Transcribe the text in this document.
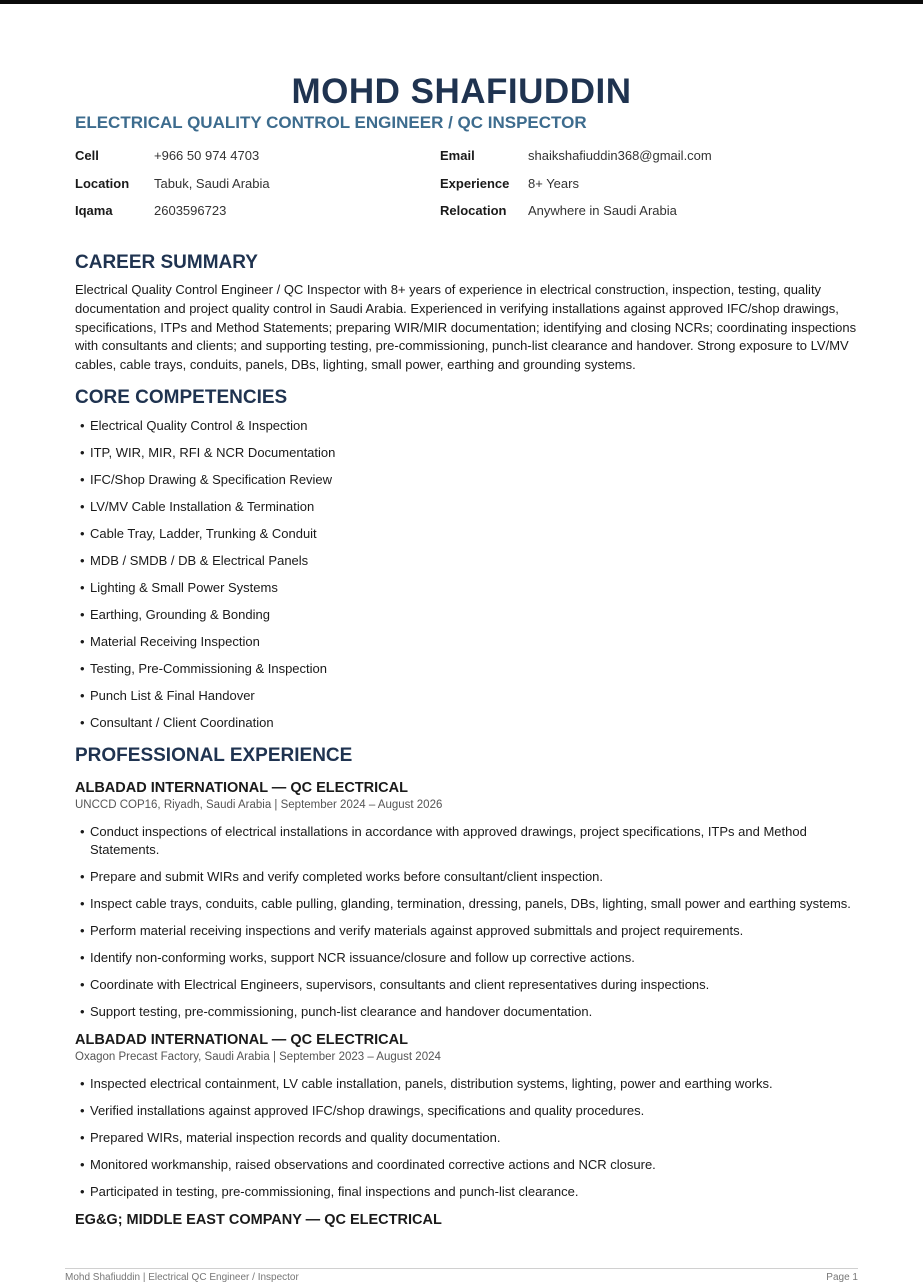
MOHD SHAFIUDDIN
ELECTRICAL QUALITY CONTROL ENGINEER / QC INSPECTOR
Cell	+966 50 974 4703	Email	shaikshafiuddin368@gmail.com
Location Tabuk, Saudi Arabia	Experience 8+ Years
Iqama	2603596723	Relocation Anywhere in Saudi Arabia
CAREER SUMMARY

Electrical Quality Control Engineer / QC Inspector with 8+ years of experience in electrical construction, inspection, testing, quality documentation and project quality control in Saudi Arabia. Experienced in verifying installations against approved IFC/shop drawings, specifications, ITPs and Method Statements; preparing WIR/MIR documentation; identifying and closing NCRs; coordinating inspections with consultants and clients; and supporting testing, pre-commissioning, punch-list clearance and handover. Strong exposure to LV/MV cables, cable trays, conduits, panels, DBs, lighting, small power, earthing and grounding systems.

CORE COMPETENCIES
• Electrical Quality Control & Inspection
• ITP, WIR, MIR, RFI & NCR Documentation
• IFC/Shop Drawing & Specification Review
• LV/MV Cable Installation & Termination
• Cable Tray, Ladder, Trunking & Conduit
• MDB / SMDB / DB & Electrical Panels
• Lighting & Small Power Systems
• Earthing, Grounding & Bonding
• Material Receiving Inspection
• Testing, Pre-Commissioning & Inspection
• Punch List & Final Handover
• Consultant / Client Coordination
PROFESSIONAL EXPERIENCE
ALBADAD INTERNATIONAL — QC ELECTRICAL
UNCCD COP16, Riyadh, Saudi Arabia | September 2024 – August 2026
• Conduct inspections of electrical installations in accordance with approved drawings, project specifications, ITPs and Method Statements.
• Prepare and submit WIRs and verify completed works before consultant/client inspection.
• Inspect cable trays, conduits, cable pulling, glanding, termination, dressing, panels, DBs, lighting, small power and earthing systems.
• Perform material receiving inspections and verify materials against approved submittals and project requirements.
• Identify non-conforming works, support NCR issuance/closure and follow up corrective actions.
• Coordinate with Electrical Engineers, supervisors, consultants and client representatives during inspections.
• Support testing, pre-commissioning, punch-list clearance and handover documentation.
ALBADAD INTERNATIONAL — QC ELECTRICAL
Oxagon Precast Factory, Saudi Arabia | September 2023 – August 2024
• Inspected electrical containment, LV cable installation, panels, distribution systems, lighting, power and earthing works.
• Verified installations against approved IFC/shop drawings, specifications and quality procedures.
• Prepared WIRs, material inspection records and quality documentation.
• Monitored workmanship, raised observations and coordinated corrective actions and NCR closure.
• Participated in testing, pre-commissioning, final inspections and punch-list clearance.
EG&G; MIDDLE EAST COMPANY — QC ELECTRICAL
Mohd Shafiuddin | Electrical QC Engineer / Inspector	Page 1
